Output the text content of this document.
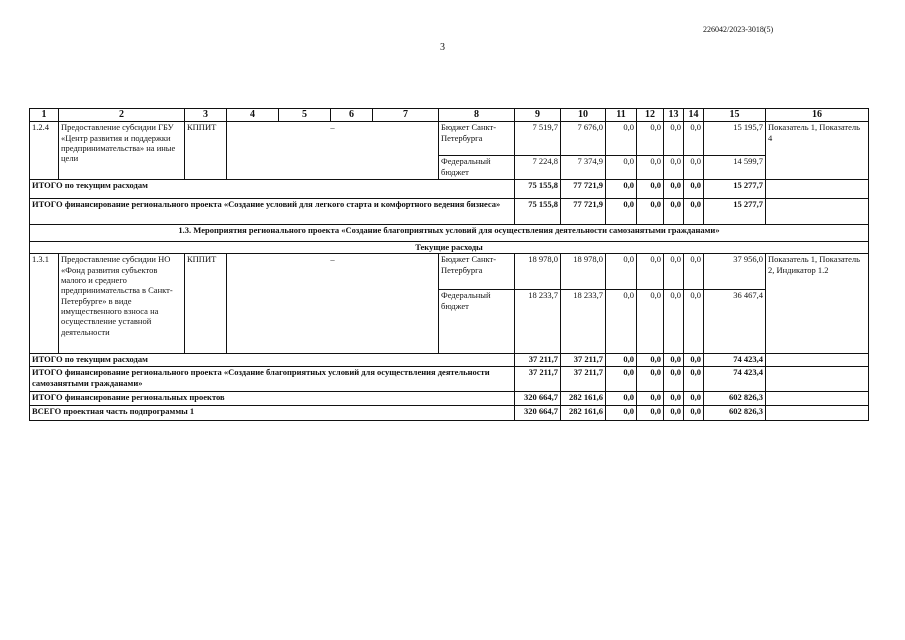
226042/2023-3018(5)
3
1	2	3	4	5	6	7	8	9	10	11	12	13	14	15	16
1.2.4	Предоставление субсидии ГБУ «Центр развития и поддержки предпринимательства» на иные цели	КППИТ	–				Бюджет Санкт-Петербурга	7 519,7	7 676,0	0,0	0,0	0,0	0,0	15 195,7	Показатель 1, Показатель 4
							Федеральный бюджет	7 224,8	7 374,9	0,0	0,0	0,0	0,0	14 599,7	
ИТОГО по текущим расходам								75 155,8	77 721,9	0,0	0,0	0,0	0,0	15 277,7	
ИТОГО финансирование регионального проекта «Создание условий для легкого старта и комфортного ведения бизнеса»								75 155,8	77 721,9	0,0	0,0	0,0	0,0	15 277,7	
1.3. Мероприятия регионального проекта «Создание благоприятных условий для осуществления деятельности самозанятыми гражданами»															
Текущие расходы															
1.3.1	Предоставление субсидии НО «Фонд развития субъектов малого и среднего предпринимательства в Санкт-Петербурге» в виде имущественного взноса на осуществление уставной деятельности	КППИТ	–				Бюджет Санкт-Петербурга	18 978,0	18 978,0	0,0	0,0	0,0	0,0	37 956,0	Показатель 1, Показатель 2, Индикатор 1.2
							Федеральный бюджет	18 233,7	18 233,7	0,0	0,0	0,0	0,0	36 467,4	
ИТОГО по текущим расходам								37 211,7	37 211,7	0,0	0,0	0,0	0,0	74 423,4	
ИТОГО финансирование регионального проекта «Создание благоприятных условий для осуществления деятельности самозанятыми гражданами»								37 211,7	37 211,7	0,0	0,0	0,0	0,0	74 423,4	
ИТОГО финансирование региональных проектов								320 664,7	282 161,6	0,0	0,0	0,0	0,0	602 826,3	
ВСЕГО проектная часть подпрограммы 1								320 664,7	282 161,6	0,0	0,0	0,0	0,0	602 826,3	
